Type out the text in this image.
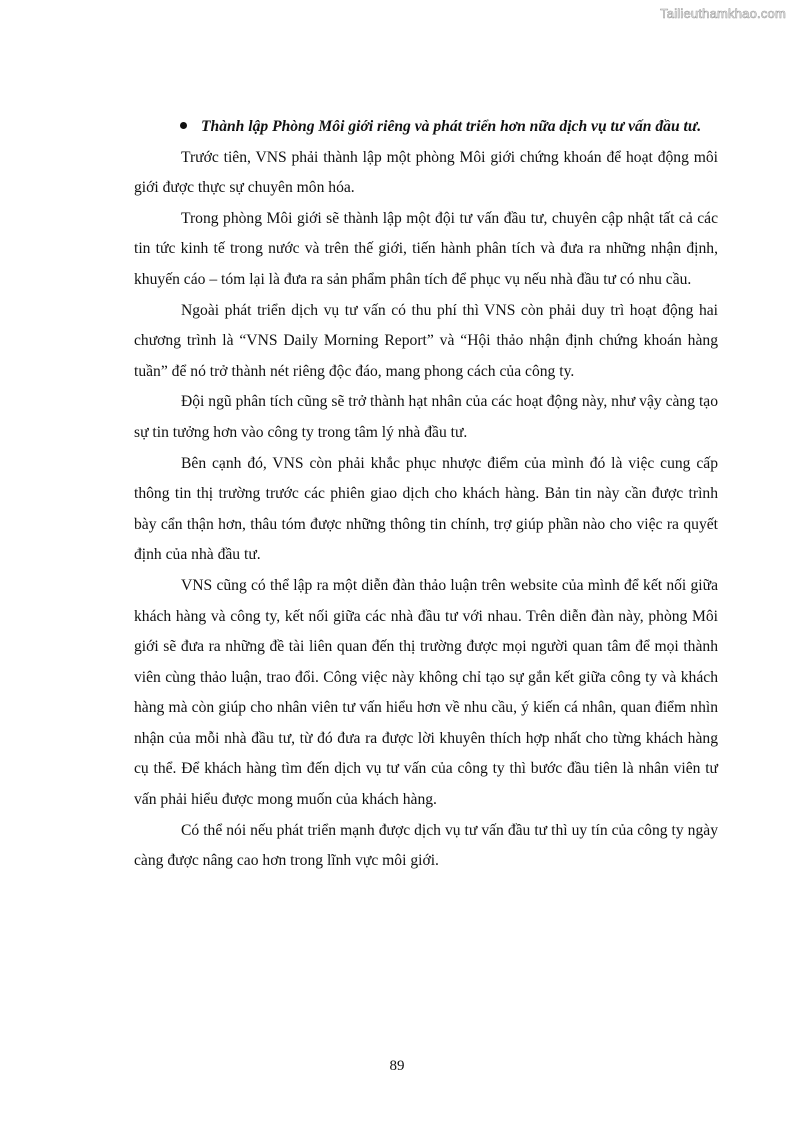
Tailieuthamkhao.com

Thành lập Phòng Môi giới riêng và phát triển hơn nữa dịch vụ tư vấn đầu tư.

Trước tiên, VNS phải thành lập một phòng Môi giới chứng khoán để hoạt động môi giới được thực sự chuyên môn hóa.

Trong phòng Môi giới sẽ thành lập một đội tư vấn đầu tư, chuyên cập nhật tất cả các tin tức kinh tế trong nước và trên thế giới, tiến hành phân tích và đưa ra những nhận định, khuyến cáo – tóm lại là đưa ra sản phẩm phân tích để phục vụ nếu nhà đầu tư có nhu cầu.

Ngoài phát triển dịch vụ tư vấn có thu phí thì VNS còn phải duy trì hoạt động hai chương trình là “VNS Daily Morning Report” và “Hội thảo nhận định chứng khoán hàng tuần” để nó trở thành nét riêng độc đáo, mang phong cách của công ty.

Đội ngũ phân tích cũng sẽ trở thành hạt nhân của các hoạt động này, như vậy càng tạo sự tin tưởng hơn vào công ty trong tâm lý nhà đầu tư.

Bên cạnh đó, VNS còn phải khắc phục nhược điểm của mình đó là việc cung cấp thông tin thị trường trước các phiên giao dịch cho khách hàng. Bản tin này cần được trình bày cẩn thận hơn, thâu tóm được những thông tin chính, trợ giúp phần nào cho việc ra quyết định của nhà đầu tư.

VNS cũng có thể lập ra một diễn đàn thảo luận trên website của mình để kết nối giữa khách hàng và công ty, kết nối giữa các nhà đầu tư với nhau. Trên diễn đàn này, phòng Môi giới sẽ đưa ra những đề tài liên quan đến thị trường được mọi người quan tâm để mọi thành viên cùng thảo luận, trao đổi. Công việc này không chỉ tạo sự gắn kết giữa công ty và khách hàng mà còn giúp cho nhân viên tư vấn hiểu hơn về nhu cầu, ý kiến cá nhân, quan điểm nhìn nhận của mỗi nhà đầu tư, từ đó đưa ra được lời khuyên thích hợp nhất cho từng khách hàng cụ thể. Để khách hàng tìm đến dịch vụ tư vấn của công ty thì bước đầu tiên là nhân viên tư vấn phải hiểu được mong muốn của khách hàng.

Có thể nói nếu phát triển mạnh được dịch vụ tư vấn đầu tư thì uy tín của công ty ngày càng được nâng cao hơn trong lĩnh vực môi giới.

89
